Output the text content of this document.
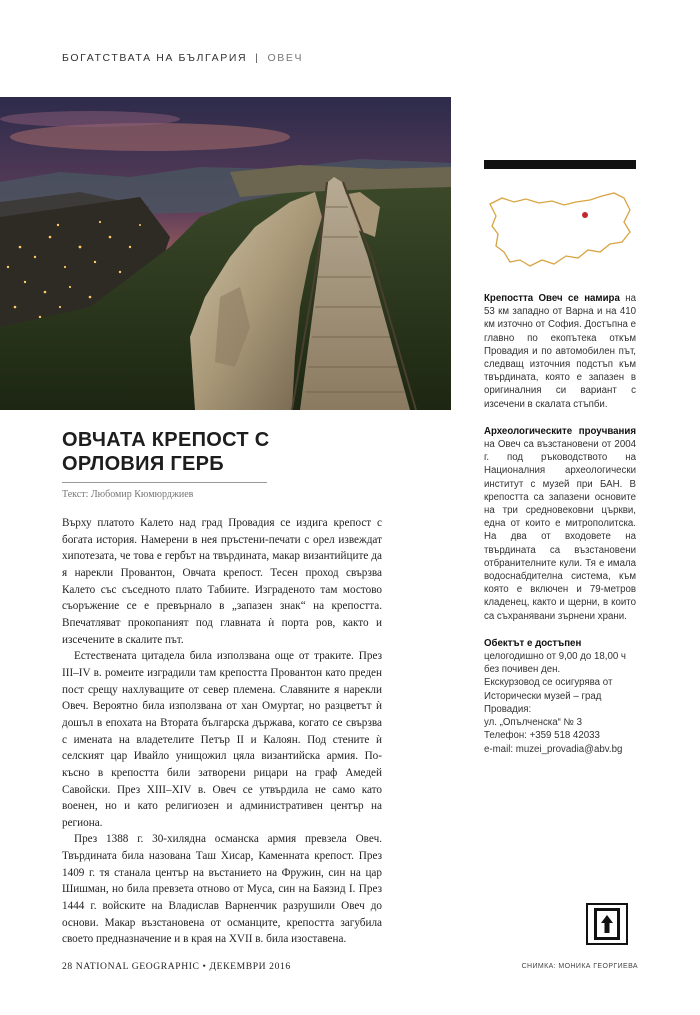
БОГАТСТВАТА НА БЪЛГАРИЯ | ОВЕЧ
ОВЧАТА КРЕПОСТ С
ОРЛОВИЯ ГЕРБ
Текст: Любомир Кюмюрджиев

Върху платото Калето над град Провадия се издига крепост с богата история. Намерени в нея пръстени-печати с орел извеждат хипотезата, че това е гербът на твърдината, макар византийците да я нарекли Провантон, Овчата крепост. Тесен проход свързва Калето със съседното плато Табиите. Изграденото там мостово съоръжение се е превърнало в „запазен знак“ на крепостта. Впечатляват прокопаният под главната ѝ порта ров, както и изсечените в скалите път.

Естествената цитадела била използвана още от траките. През III–IV в. ромеите изградили там крепостта Провантон като преден пост срещу нахлуващите от север племена. Славяните я нарекли Овеч. Вероятно била използвана от хан Омуртаг, но разцветът ѝ дошъл в епохата на Втората българска държава, когато се свързва с имената на владетелите Петър II и Калоян. Под стените ѝ селският цар Ивайло унищожил цяла византийска армия. По-късно в крепостта били затворени рицари на граф Амедей Савойски. През XIII–XIV в. Овеч се утвърдила не само като военен, но и като религиозен и административен център на региона.

През 1388 г. 30-хилядна османска армия превзела Овеч. Твърдината била назована Таш Хисар, Каменната крепост. През 1409 г. тя станала център на въстанието на Фружин, син на цар Шишман, но била превзета отново от Муса, син на Баязид I. През 1444 г. войските на Владислав Варненчик разрушили Овеч до основи. Макар възстановена от османците, крепостта загубила своето предназначение и в края на XVII в. била изоставена.

Крепостта Овеч се намира на 53 км западно от Варна и на 410 км източно от София. Достъпна е главно по екопътека откъм Провадия и по автомобилен път, следващ източния подстъп към твърдината, която е запазен в оригиналния си вариант с изсечени в скалата стъпби.

Археологическите проучвания на Овеч са възстановени от 2004 г. под ръководството на Националния археологически институт с музей при БАН. В крепостта са запазени основите на три средновековни църкви, една от които е митрополитска. На два от входовете на твърдината са възстановени отбранителните кули. Тя е имала водоснабдителна система, към която е включен и 79-метров кладенец, както и щерни, в които са съхранявани зърнени храни.

Обектът е достъпен целогодишно от 9,00 до 18,00 ч без почивен ден.
Екскурзовод се осигурява от Исторически музей – град Провадия:
ул. „Опълченска“ № 3
Телефон: +359 518 42033
e-mail: muzei_provadia@abv.bg

28 NATIONAL GEOGRAPHIC • ДЕКЕМВРИ 2016	СНИМКА: МОНИКА ГЕОРГИЕВА
